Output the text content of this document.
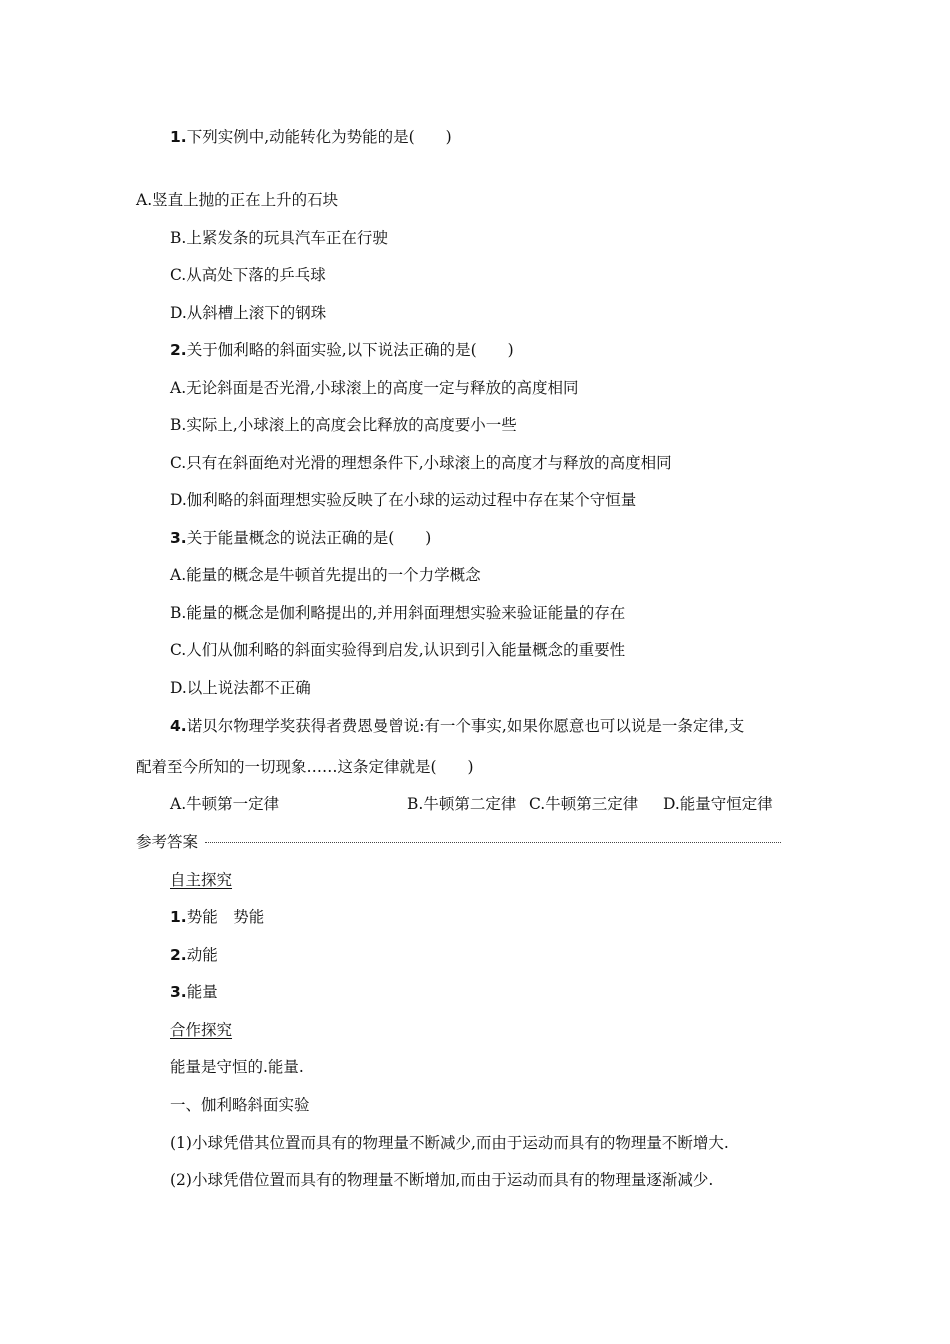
1.下列实例中,动能转化为势能的是(　　)
A.竖直上抛的正在上升的石块
B.上紧发条的玩具汽车正在行驶
C.从高处下落的乒乓球
D.从斜槽上滚下的钢珠
2.关于伽利略的斜面实验,以下说法正确的是(　　)
A.无论斜面是否光滑,小球滚上的高度一定与释放的高度相同
B.实际上,小球滚上的高度会比释放的高度要小一些
C.只有在斜面绝对光滑的理想条件下,小球滚上的高度才与释放的高度相同
D.伽利略的斜面理想实验反映了在小球的运动过程中存在某个守恒量
3.关于能量概念的说法正确的是(　　)
A.能量的概念是牛顿首先提出的一个力学概念
B.能量的概念是伽利略提出的,并用斜面理想实验来验证能量的存在
C.人们从伽利略的斜面实验得到启发,认识到引入能量概念的重要性
D.以上说法都不正确
4.诺贝尔物理学奖获得者费恩曼曾说:有一个事实,如果你愿意也可以说是一条定律,支
配着至今所知的一切现象……这条定律就是(　　)
A.牛顿第一定律	B.牛顿第二定律 C.牛顿第三定律 D.能量守恒定律
参考答案
自主探究
1.势能　势能
2.动能
3.能量
合作探究
能量是守恒的.能量.
一、伽利略斜面实验
(1)小球凭借其位置而具有的物理量不断减少,而由于运动而具有的物理量不断增大.
(2)小球凭借位置而具有的物理量不断增加,而由于运动而具有的物理量逐渐减少.
